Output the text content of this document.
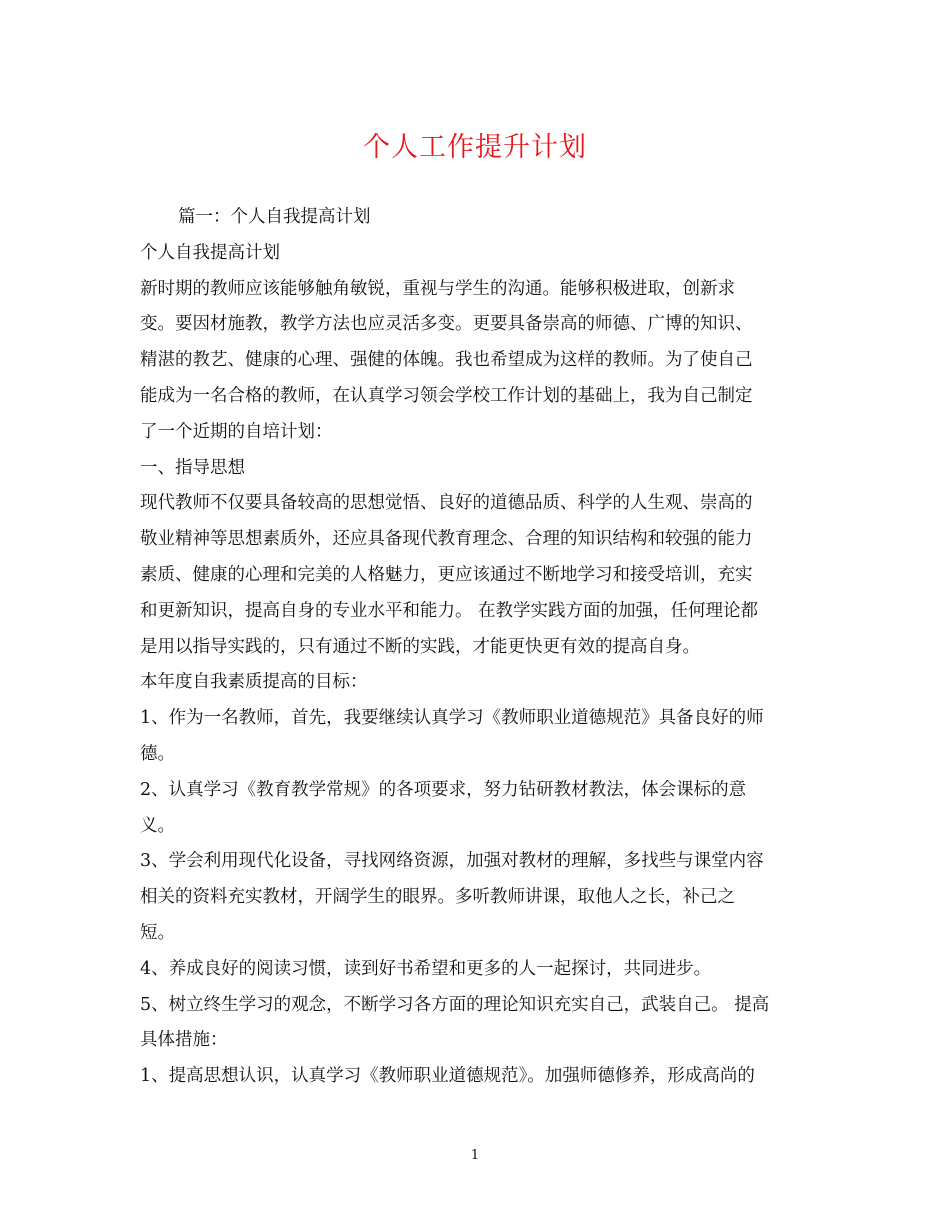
个人工作提升计划
篇一：个人自我提高计划
个人自我提高计划
新时期的教师应该能够触角敏锐，重视与学生的沟通。能够积极进取，创新求
变。要因材施教，教学方法也应灵活多变。更要具备崇高的师德、广博的知识、
精湛的教艺、健康的心理、强健的体魄。我也希望成为这样的教师。为了使自己
能成为一名合格的教师，在认真学习领会学校工作计划的基础上，我为自己制定
了一个近期的自培计划：
一、指导思想
现代教师不仅要具备较高的思想觉悟、良好的道德品质、科学的人生观、崇高的
敬业精神等思想素质外，还应具备现代教育理念、合理的知识结构和较强的能力
素质、健康的心理和完美的人格魅力，更应该通过不断地学习和接受培训，充实
和更新知识，提高自身的专业水平和能力。 在教学实践方面的加强，任何理论都
是用以指导实践的，只有通过不断的实践，才能更快更有效的提高自身。
本年度自我素质提高的目标：
1、作为一名教师，首先，我要继续认真学习《教师职业道德规范》具备良好的师
德。
2、认真学习《教育教学常规》的各项要求，努力钻研教材教法，体会课标的意
义。
3、学会利用现代化设备，寻找网络资源，加强对教材的理解，多找些与课堂内容
相关的资料充实教材，开阔学生的眼界。多听教师讲课，取他人之长，补己之
短。
4、养成良好的阅读习惯，读到好书希望和更多的人一起探讨，共同进步。
5、树立终生学习的观念，不断学习各方面的理论知识充实自己，武装自己。 提高
具体措施：
1、提高思想认识，认真学习《教师职业道德规范》。加强师德修养，形成高尚的
1
